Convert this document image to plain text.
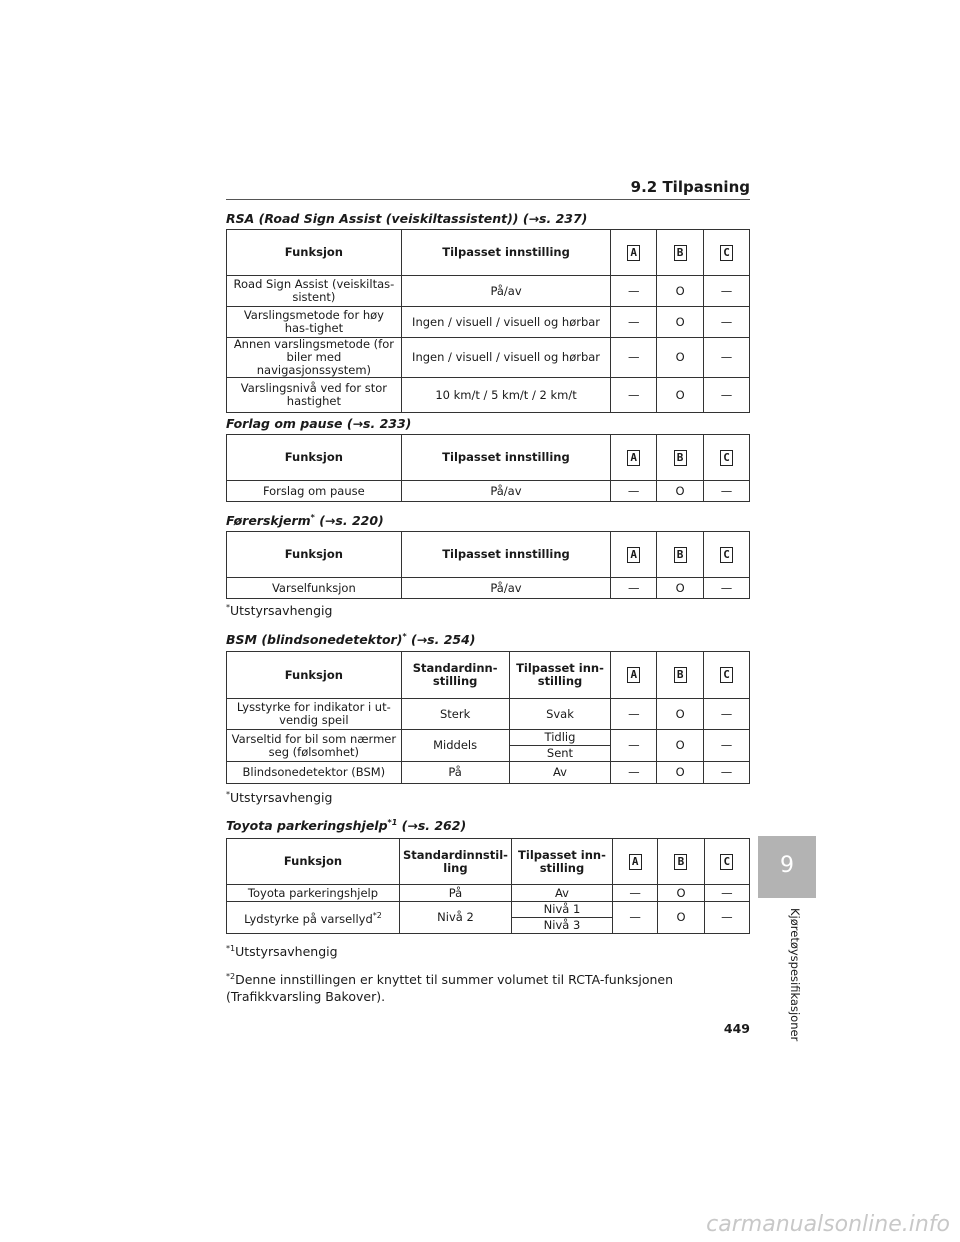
9.2 Tilpasning
RSA (Road Sign Assist (veiskiltassistent)) (→s. 237)
Funksjon	Tilpasset innstilling	A	B	C
Road Sign Assist (veiskiltas-sistent)	På/av	—	O	—
Varslingsmetode for høy has-tighet	Ingen / visuell / visuell og hørbar	—	O	—
Annen varslingsmetode (for biler med navigasjonssystem)	Ingen / visuell / visuell og hørbar	—	O	—
Varslingsnivå ved for stor hastighet	10 km/t / 5 km/t / 2 km/t	—	O	—
Forlag om pause (→s. 233)
Funksjon	Tilpasset innstilling	A	B	C
Forslag om pause	På/av	—	O	—
Førerskjerm* (→s. 220)
Funksjon	Tilpasset innstilling	A	B	C
Varselfunksjon	På/av	—	O	—
*Utstyrsavhengig
BSM (blindsonedetektor)* (→s. 254)
Funksjon	Standardinn-stilling	Tilpasset inn-stilling	A	B	C
Lysstyrke for indikator i ut-vendig speil	Sterk	Svak	—	O	—
Varseltid for bil som nærmer seg (følsomhet)	Middels	Tidlig	—	O	—
		Sent			
Blindsonedetektor (BSM)	På	Av	—	O	—
*Utstyrsavhengig
Toyota parkeringshjelp$^{*1}$ (→s. 262)
Funksjon	Standardinnstil-ling	Tilpasset inn-stilling	A	B	C
Toyota parkeringshjelp	På	Av	—	O	—
Lydstyrke på varsellyd$^{*2}$	Nivå 2	Nivå 1	—	O	—
		Nivå 3			
$^{*1}$Utstyrsavhengig
$^{*2}$Denne innstillingen er knyttet til summer volumet til RCTA-funksjonen (Trafikkvarsling Bakover).
9
Kjøretøyspesifikasjoner
449
carmanualsonline.info
